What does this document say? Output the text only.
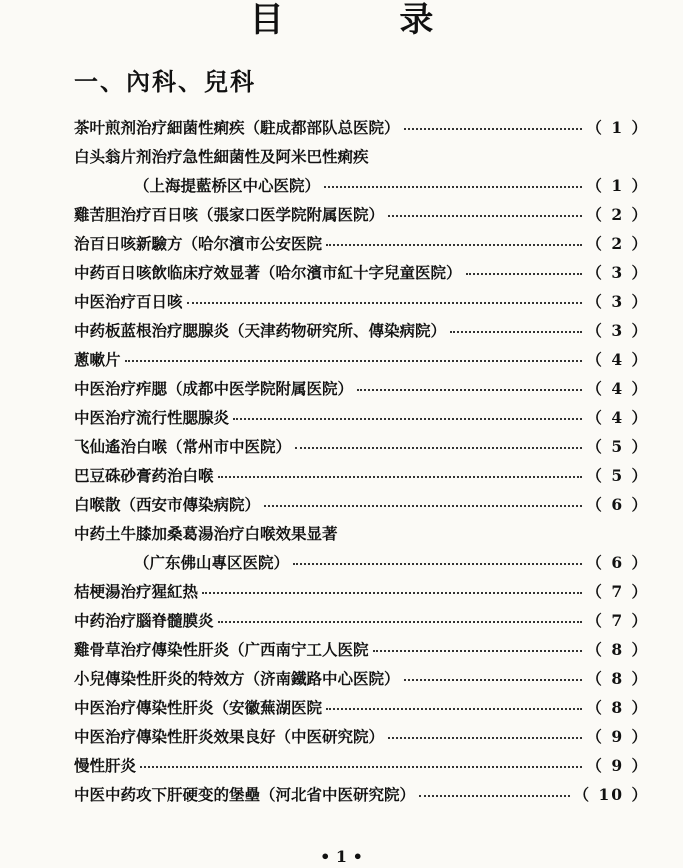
目 录
一、內科、兒科
茶叶煎剂治疗細菌性痢疾（駐成都部队总医院）	（ 1 ）
白头翁片剂治疗急性細菌性及阿米巴性痢疾
（上海提藍桥区中心医院）	（ 1 ）
雞苦胆治疗百日咳（張家口医学院附属医院）	（ 2 ）
治百日咳新驗方（哈尔濱市公安医院	（ 2 ）
中药百日咳飲临床疗效显著（哈尔濱市紅十字兒童医院）	（ 3 ）
中医治疗百日咳	（ 3 ）
中药板蓝根治疗腮腺炎（天津药物研究所、傳染病院）	（ 3 ）
蔥嗽片	（ 4 ）
中医治疗痄腮（成都中医学院附属医院）	（ 4 ）
中医治疗流行性腮腺炎	（ 4 ）
飞仙遙治白喉（常州市中医院）	（ 5 ）
巴豆硃砂膏药治白喉	（ 5 ）
白喉散（西安市傳染病院）	（ 6 ）
中药土牛膝加桑葛湯治疗白喉效果显著
（广东佛山專区医院）	（ 6 ）
桔梗湯治疗猩紅热	（ 7 ）
中药治疗腦脊髓膜炎	（ 7 ）
雞骨草治疗傳染性肝炎（广西南宁工人医院	（ 8 ）
小兒傳染性肝炎的特效方（济南鐵路中心医院）	（ 8 ）
中医治疗傳染性肝炎（安徽蕪湖医院	（ 8 ）
中医治疗傳染性肝炎效果良好（中医研究院）	（ 9 ）
慢性肝炎	（ 9 ）
中医中药攻下肝硬变的堡壘（河北省中医研究院）	（ 10 ）
• 1 •
